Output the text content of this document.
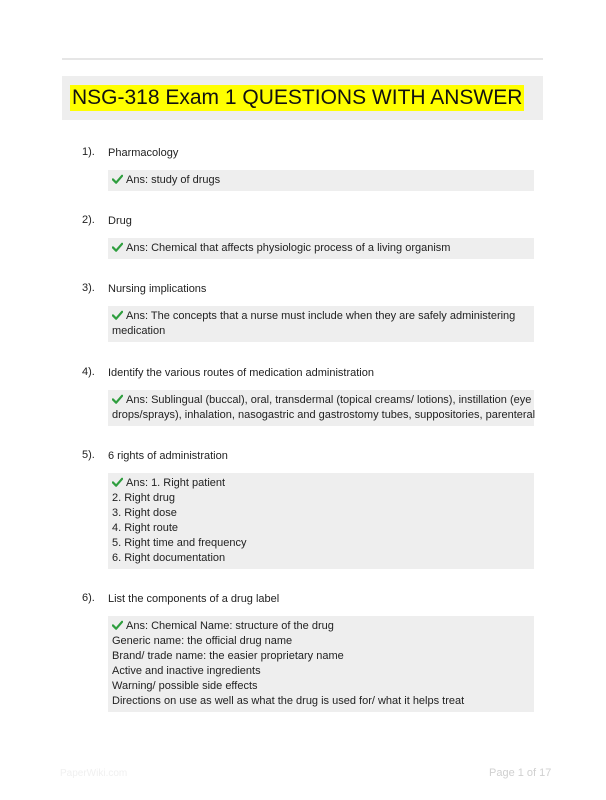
NSG-318 Exam 1 QUESTIONS WITH ANSWER
1). Pharmacology
Ans: study of drugs
2). Drug
Ans: Chemical that affects physiologic process of a living organism
3). Nursing implications
Ans: The concepts that a nurse must include when they are safely administering
medication
4). Identify the various routes of medication administration
Ans: Sublingual (buccal), oral, transdermal (topical creams/ lotions), instillation (eye
drops/sprays), inhalation, nasogastric and gastrostomy tubes, suppositories, parenteral
5). 6 rights of administration
Ans: 1. Right patient
2. Right drug
3. Right dose
4. Right route
5. Right time and frequency
6. Right documentation
6). List the components of a drug label
Ans: Chemical Name: structure of the drug
Generic name: the official drug name
Brand/ trade name: the easier proprietary name
Active and inactive ingredients
Warning/ possible side effects
Directions on use as well as what the drug is used for/ what it helps treat
PaperWiki.com	Page 1 of 17
